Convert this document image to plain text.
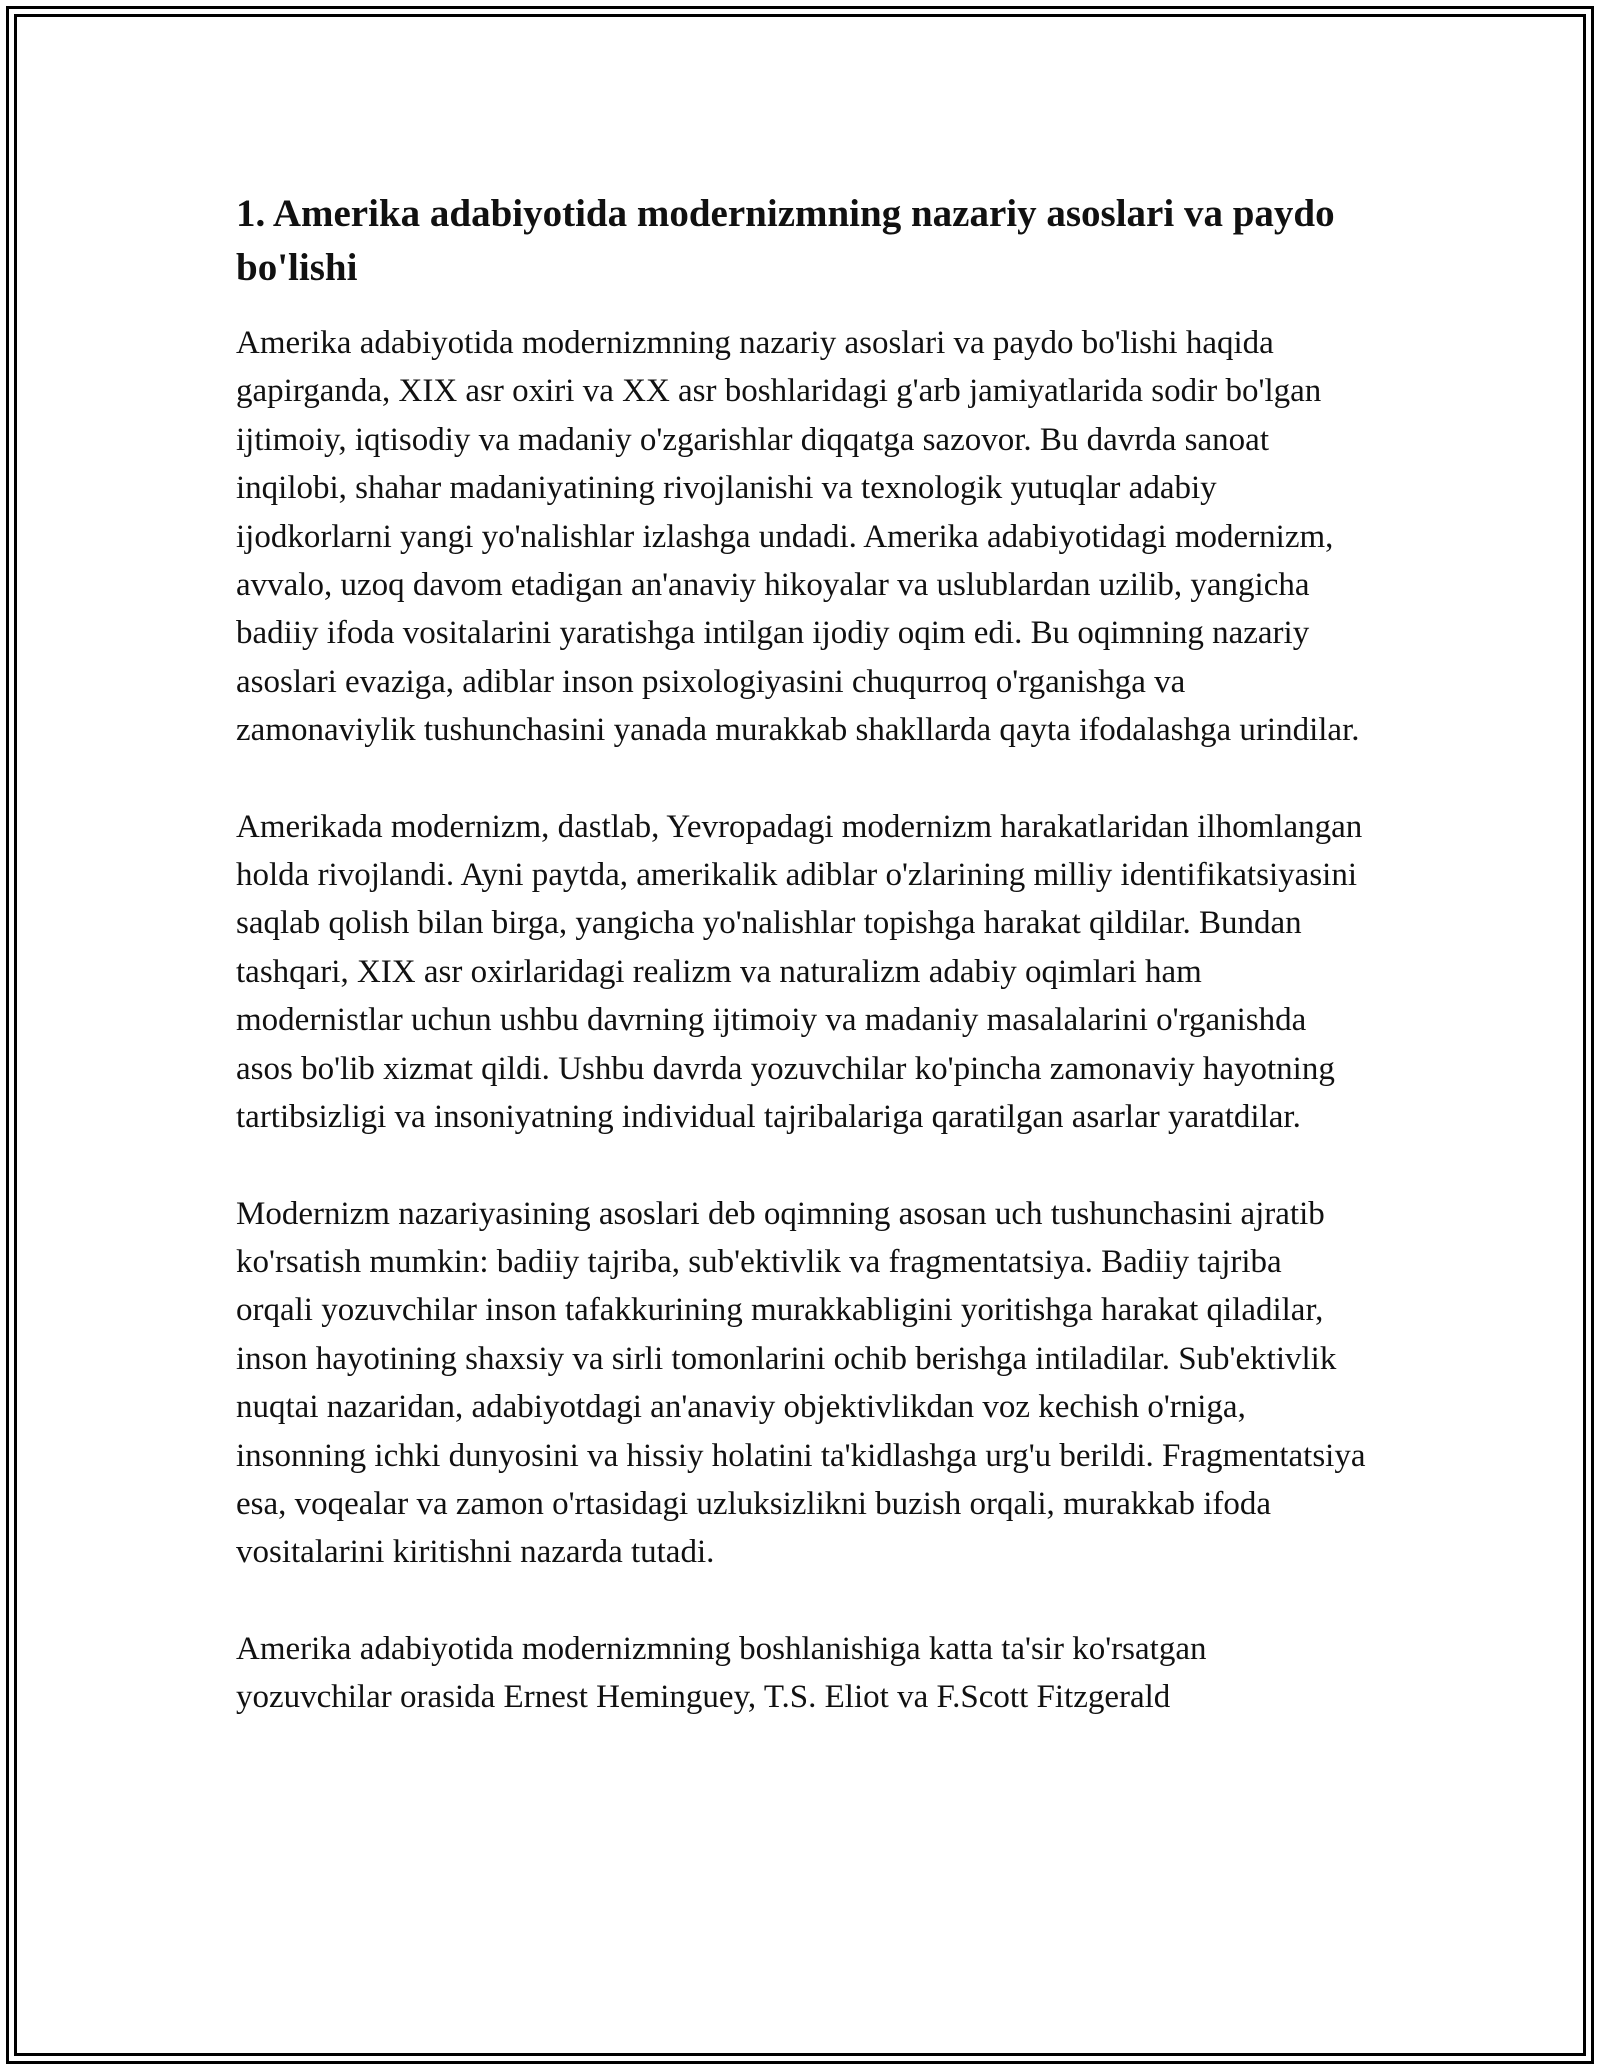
1. Amerika adabiyotida modernizmning nazariy asoslari va paydo bo'lishi

Amerika adabiyotida modernizmning nazariy asoslari va paydo bo'lishi haqida gapirganda, XIX asr oxiri va XX asr boshlaridagi g'arb jamiyatlarida sodir bo'lgan ijtimoiy, iqtisodiy va madaniy o'zgarishlar diqqatga sazovor. Bu davrda sanoat inqilobi, shahar madaniyatining rivojlanishi va texnologik yutuqlar adabiy ijodkorlarni yangi yo'nalishlar izlashga undadi. Amerika adabiyotidagi modernizm, avvalo, uzoq davom etadigan an'anaviy hikoyalar va uslublardan uzilib, yangicha badiiy ifoda vositalarini yaratishga intilgan ijodiy oqim edi. Bu oqimning nazariy asoslari evaziga, adiblar inson psixologiyasini chuqurroq o'rganishga va zamonaviylik tushunchasini yanada murakkab shakllarda qayta ifodalashga urindilar.

Amerikada modernizm, dastlab, Yevropadagi modernizm harakatlaridan ilhomlangan holda rivojlandi. Ayni paytda, amerikalik adiblar o'zlarining milliy identifikatsiyasini saqlab qolish bilan birga, yangicha yo'nalishlar topishga harakat qildilar. Bundan tashqari, XIX asr oxirlaridagi realizm va naturalizm adabiy oqimlari ham modernistlar uchun ushbu davrning ijtimoiy va madaniy masalalarini o'rganishda asos bo'lib xizmat qildi. Ushbu davrda yozuvchilar ko'pincha zamonaviy hayotning tartibsizligi va insoniyatning individual tajribalariga qaratilgan asarlar yaratdilar.

Modernizm nazariyasining asoslari deb oqimning asosan uch tushunchasini ajratib ko'rsatish mumkin: badiiy tajriba, sub'ektivlik va fragmentatsiya. Badiiy tajriba orqali yozuvchilar inson tafakkurining murakkabligini yoritishga harakat qiladilar, inson hayotining shaxsiy va sirli tomonlarini ochib berishga intiladilar. Sub'ektivlik nuqtai nazaridan, adabiyotdagi an'anaviy objektivlikdan voz kechish o'rniga, insonning ichki dunyosini va hissiy holatini ta'kidlashga urg'u berildi. Fragmentatsiya esa, voqealar va zamon o'rtasidagi uzluksizlikni buzish orqali, murakkab ifoda vositalarini kiritishni nazarda tutadi.

Amerika adabiyotida modernizmning boshlanishiga katta ta'sir ko'rsatgan yozuvchilar orasida Ernest Heminguey, T.S. Eliot va F.Scott Fitzgerald
